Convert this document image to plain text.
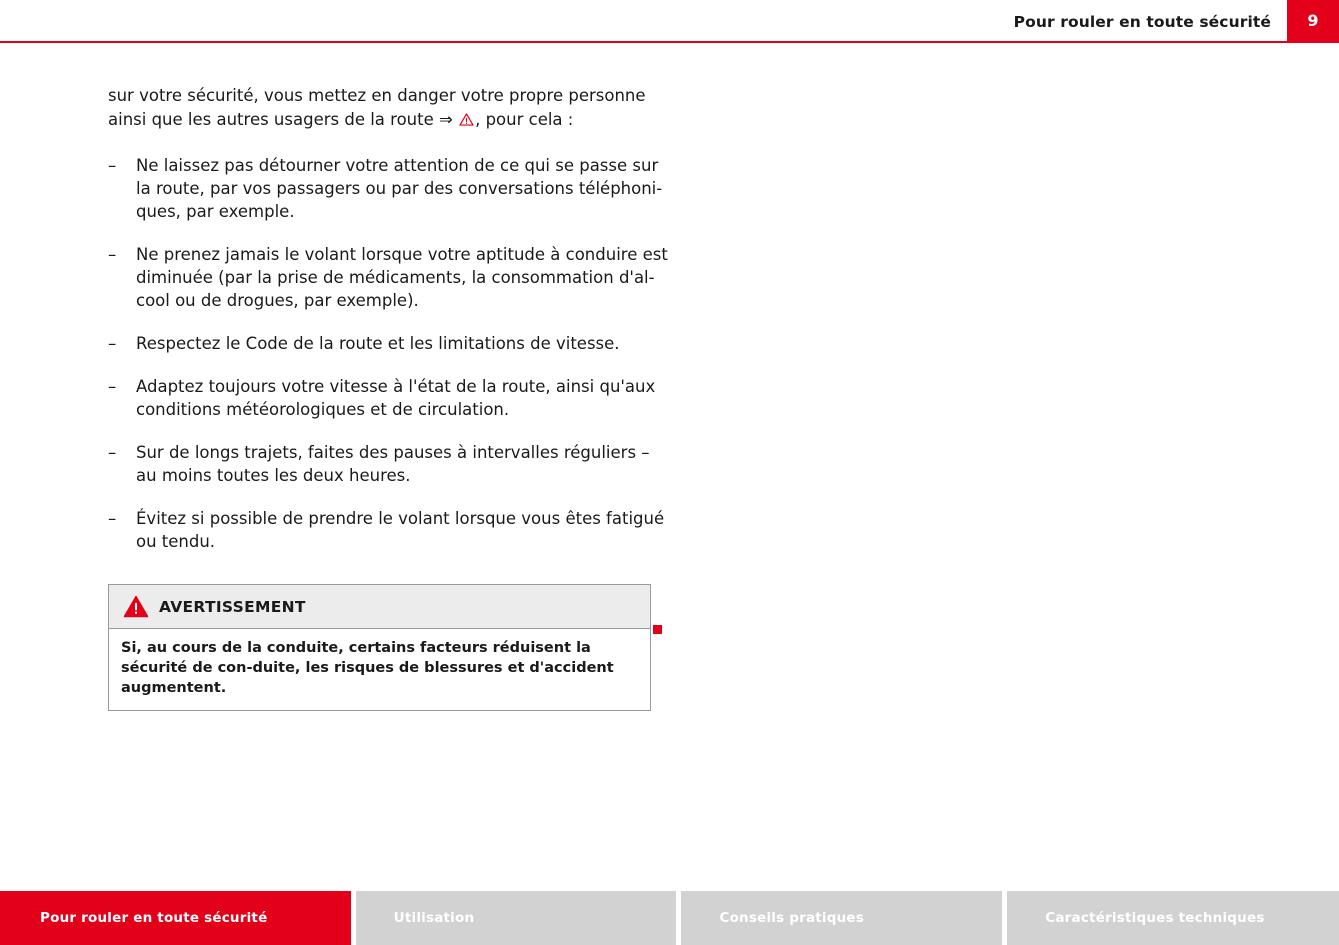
Pour rouler en toute sécurité	9
sur votre sécurité, vous mettez en danger votre propre personne
ainsi que les autres usagers de la route ⇒
, pour cela :
– Ne laissez pas détourner votre attention de ce qui se passe sur la route, par vos passagers ou par des conversations téléphoni-ques, par exemple.
– Ne prenez jamais le volant lorsque votre aptitude à conduire est diminuée (par la prise de médicaments, la consommation d'al-cool ou de drogues, par exemple).
– Respectez le Code de la route et les limitations de vitesse.
– Adaptez toujours votre vitesse à l'état de la route, ainsi qu'aux conditions météorologiques et de circulation.
– Sur de longs trajets, faites des pauses à intervalles réguliers – au moins toutes les deux heures.
– Évitez si possible de prendre le volant lorsque vous êtes fatigué ou tendu.
AVERTISSEMENT
Si, au cours de la conduite, certains facteurs réduisent la sécurité de con-duite, les risques de blessures et d'accident augmentent.
Pour rouler en toute sécurité	Utilisation	Conseils pratiques	Caractéristiques techniques
